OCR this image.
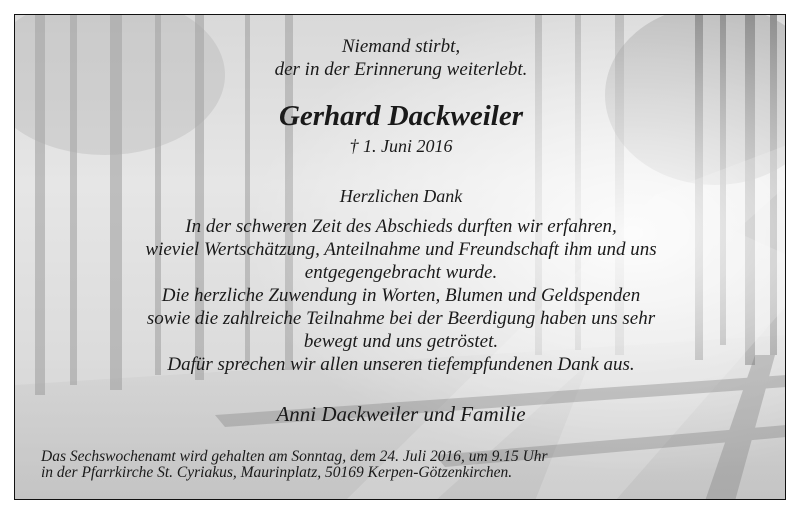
Niemand stirbt,
der in der Erinnerung weiterlebt.
Gerhard Dackweiler
† 1. Juni 2016
Herzlichen Dank
In der schweren Zeit des Abschieds durften wir erfahren,
wieviel Wertschätzung, Anteilnahme und Freundschaft ihm und uns
entgegengebracht wurde.
Die herzliche Zuwendung in Worten, Blumen und Geldspenden
sowie die zahlreiche Teilnahme bei der Beerdigung haben uns sehr
bewegt und uns getröstet.
Dafür sprechen wir allen unseren tiefempfundenen Dank aus.
Anni Dackweiler und Familie
Das Sechswochenamt wird gehalten am Sonntag, dem 24. Juli 2016, um 9.15 Uhr
in der Pfarrkirche St. Cyriakus, Maurinplatz, 50169 Kerpen-Götzenkirchen.
